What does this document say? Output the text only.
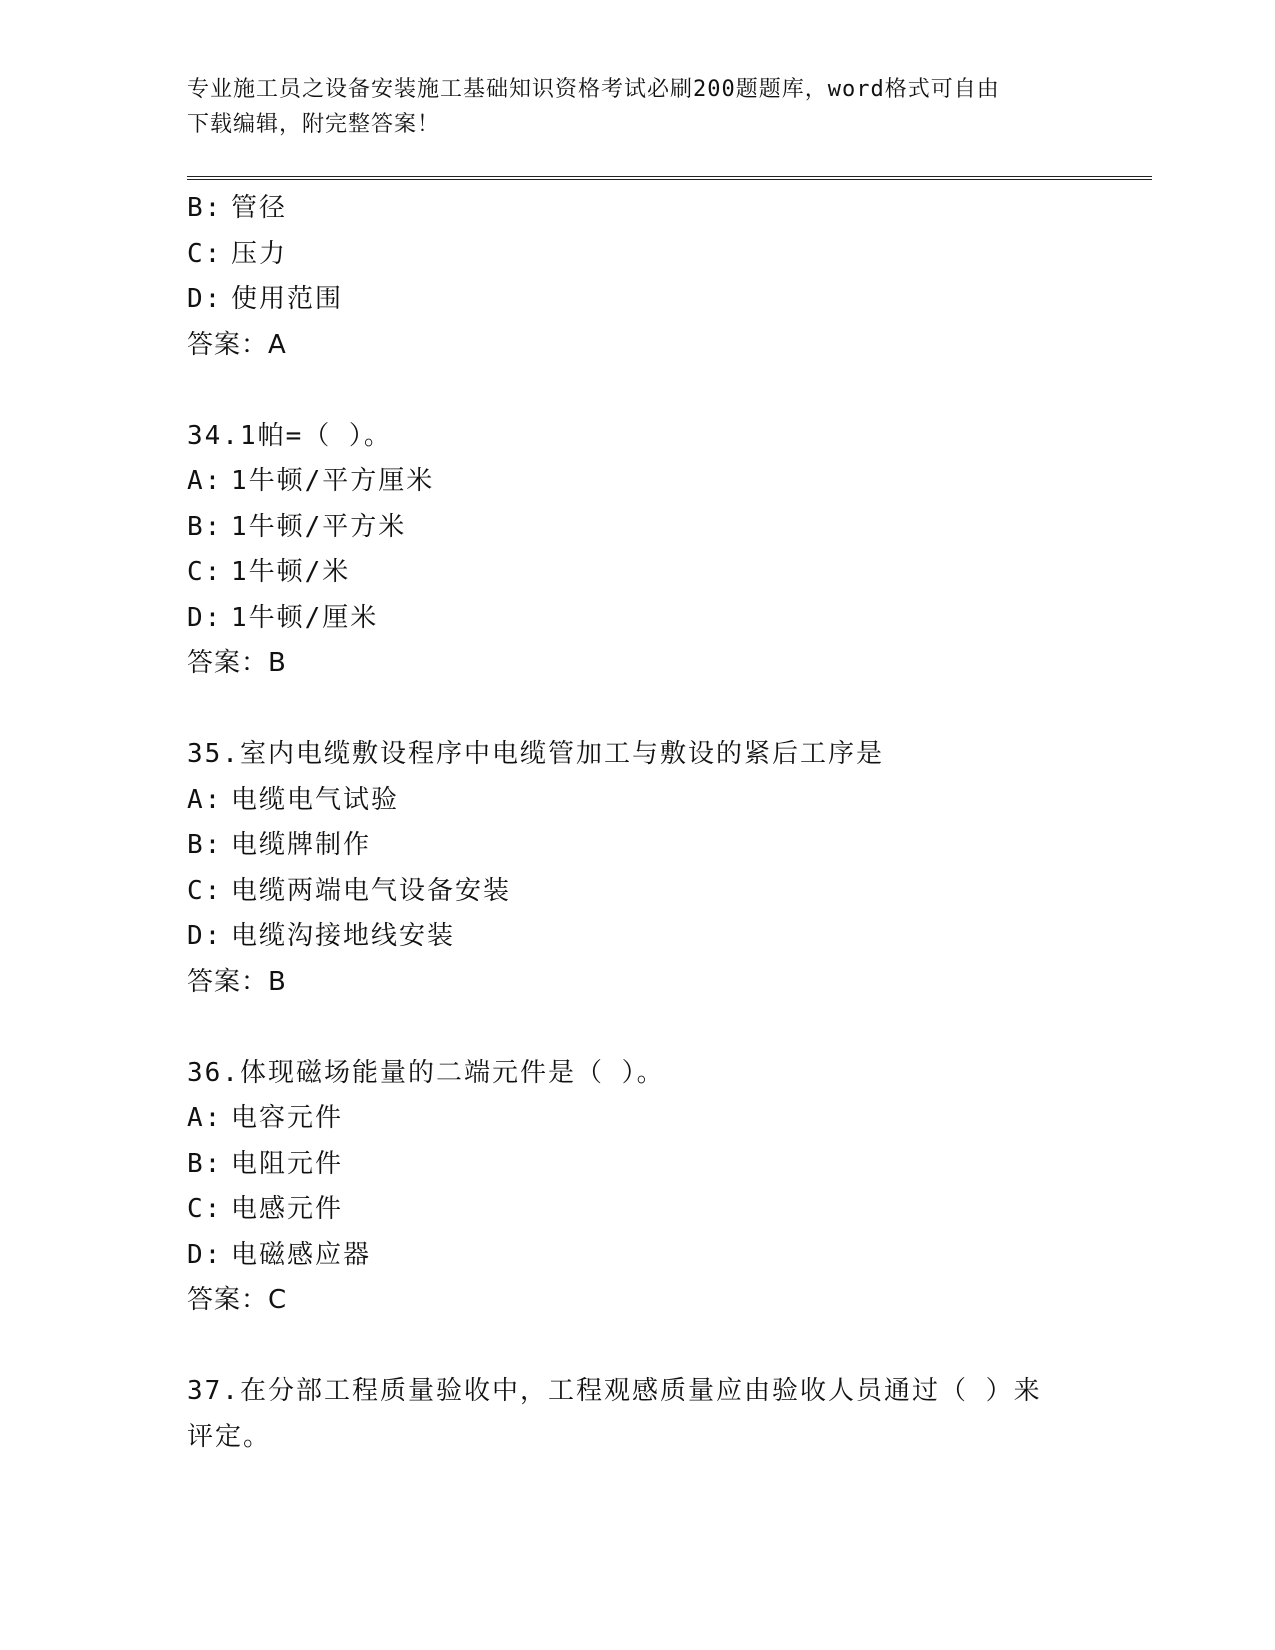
专业施工员之设备安装施工基础知识资格考试必刷200题题库，word格式可自由
下载编辑，附完整答案！
B: 管径
C: 压力
D: 使用范围
答案：A
34.1帕=（ ）。
A: 1牛顿/平方厘米
B: 1牛顿/平方米
C: 1牛顿/米
D: 1牛顿/厘米
答案：B
35.室内电缆敷设程序中电缆管加工与敷设的紧后工序是
A: 电缆电气试验
B: 电缆牌制作
C: 电缆两端电气设备安装
D: 电缆沟接地线安装
答案：B
36.体现磁场能量的二端元件是（ ）。
A: 电容元件
B: 电阻元件
C: 电感元件
D: 电磁感应器
答案：C
37.在分部工程质量验收中，工程观感质量应由验收人员通过（ ）来
评定。
